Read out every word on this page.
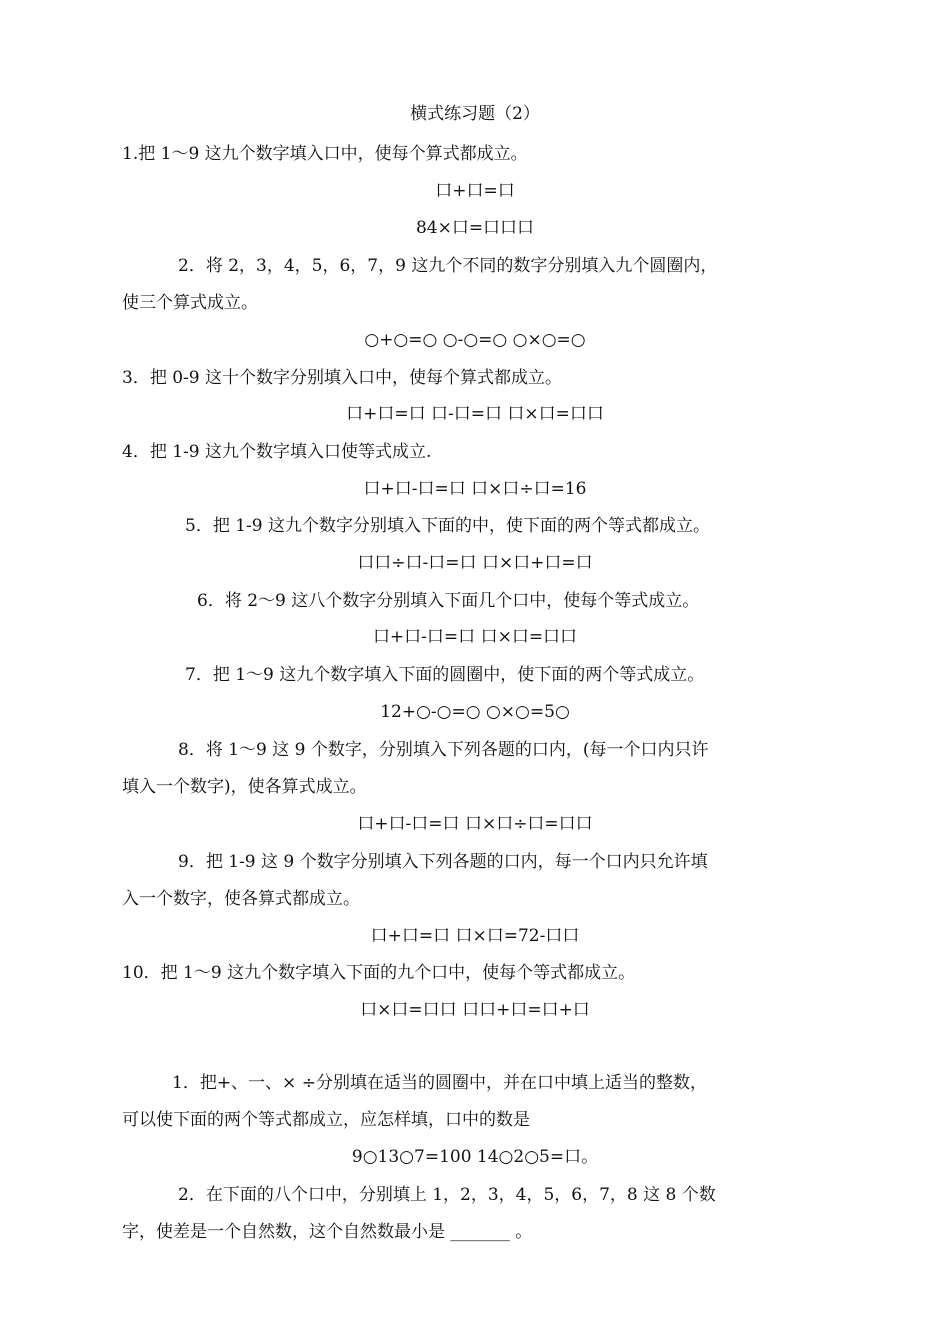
横式练习题（2）
1.把 1～9 这九个数字填入口中，使每个算式都成立。
口+口=口
84×口=口口口
2．将 2，3，4，5，6，7，9 这九个不同的数字分别填入九个圆圈内，
使三个算式成立。
○+○=○ ○-○=○ ○×○=○
3．把 0-9 这十个数字分别填入口中，使每个算式都成立。
口+口=口 口-口=口 口×口=口口
4．把 1-9 这九个数字填入口使等式成立.
口+口-口=口 口×口÷口=16
5．把 1-9 这九个数字分别填入下面的中，使下面的两个等式都成立。
口口÷口-口=口 口×口+口=口
6．将 2～9 这八个数字分别填入下面几个口中，使每个等式成立。
口+口-口=口 口×口=口口
7．把 1～9 这九个数字填入下面的圆圈中，使下面的两个等式成立。
12+○-○=○ ○×○=5○
8．将 1～9 这 9 个数字，分别填入下列各题的口内，(每一个口内只许
填入一个数字)，使各算式成立。
口+口-口=口 口×口÷口=口口
9．把 1-9 这 9 个数字分别填入下列各题的口内，每一个口内只允许填
入一个数字，使各算式都成立。
口+口=口 口×口=72-口口
10．把 1～9 这九个数字填入下面的九个口中，使每个等式都成立。
口×口=口口 口口+口=口+口
1．把+、一、× ÷分别填在适当的圆圈中，并在口中填上适当的整数，
可以使下面的两个等式都成立，应怎样填，口中的数是
9○13○7=100 14○2○5=口。
2．在下面的八个口中，分别填上 1，2，3，4，5，6，7，8 这 8 个数
字，使差是一个自然数，这个自然数最小是 _______ 。
